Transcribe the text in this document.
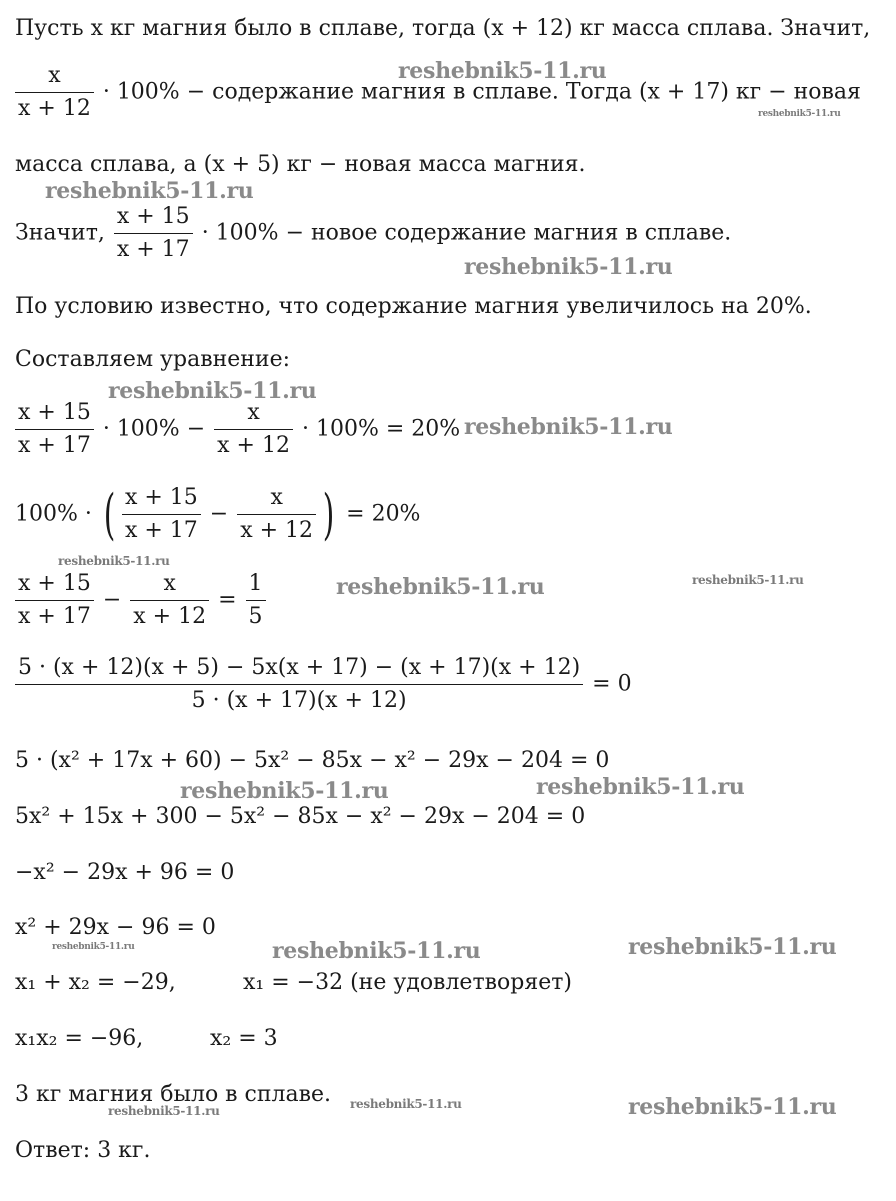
Пусть x кг магния было в сплаве, тогда (x + 12) кг масса сплава. Значит,
$\frac{x}{x + 12} \cdot 100\%$ − содержание магния в сплаве. Тогда (x + 17) кг − новая
масса сплава, а (x + 5) кг − новая масса магния.
Значит, $\frac{x + 15}{x + 17} \cdot 100\%$ − новое содержание магния в сплаве.
По условию известно, что содержание магния увеличилось на 20%.
Составляем уравнение:
$\frac{x + 15}{x + 17} \cdot 100\% - \frac{x}{x + 12} \cdot 100\% = 20\%$
100% · ( $\frac{x + 15}{x + 17} - \frac{x}{x + 12}$ ) = 20%
$\frac{x + 15}{x + 17} - \frac{x}{x + 12} = \frac{1}{5}$
$\frac{5 \cdot (x + 12)(x + 5) - 5x(x + 17) - (x + 17)(x + 12)}{5 \cdot (x + 17)(x + 12)} = 0$
5 · (x² + 17x + 60) − 5x² − 85x − x² − 29x − 204 = 0
5x² + 15x + 300 − 5x² − 85x − x² − 29x − 204 = 0
−x² − 29x + 96 = 0
x² + 29x − 96 = 0
x₁ + x₂ = −29,	x₁ = −32 (не удовлетворяет)
x₁x₂ = −96,	x₂ = 3
3 кг магния было в сплаве.
Ответ: 3 кг.
reshebnik5-11.ru
reshebnik5-11.ru
reshebnik5-11.ru
reshebnik5-11.ru
reshebnik5-11.ru
reshebnik5-11.ru
reshebnik5-11.ru
reshebnik5-11.ru	reshebnik5-11.ru
reshebnik5-11.ru	reshebnik5-11.ru
reshebnik5-11.ru	reshebnik5-11.ru
reshebnik5-11.ru
reshebnik5-11.ru	reshebnik5-11.ru
reshebnik5-11.ru
